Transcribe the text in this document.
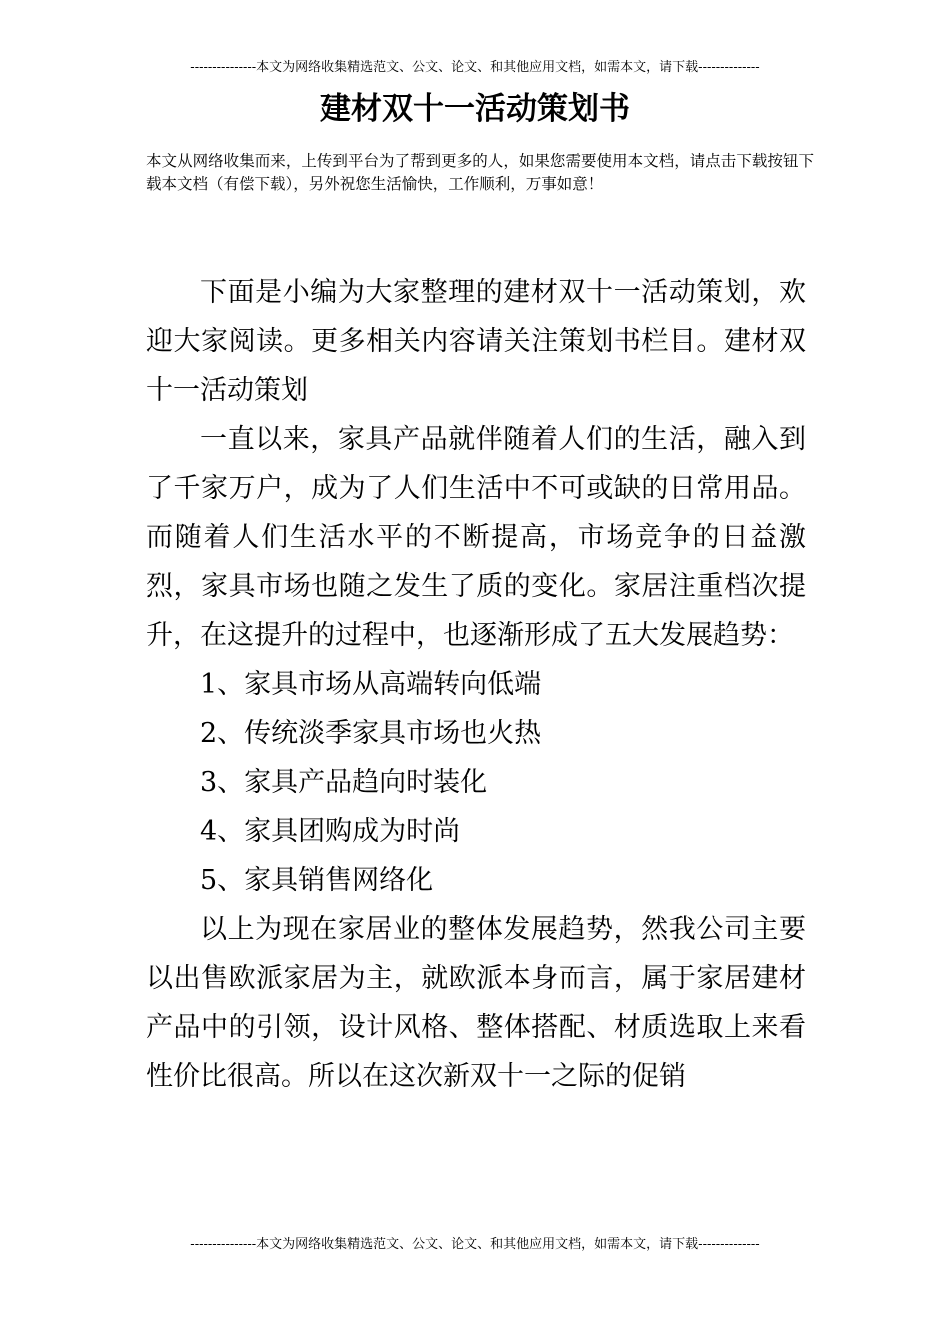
---------------本文为网络收集精选范文、公文、论文、和其他应用文档，如需本文，请下载--------------
建材双十一活动策划书
本文从网络收集而来，上传到平台为了帮到更多的人，如果您需要使用本文档，请点击下载按钮下载本文档（有偿下载），另外祝您生活愉快，工作顺利，万事如意！

下面是小编为大家整理的建材双十一活动策划，欢迎大家阅读。更多相关内容请关注策划书栏目。建材双十一活动策划

一直以来，家具产品就伴随着人们的生活，融入到了千家万户，成为了人们生活中不可或缺的日常用品。而随着人们生活水平的不断提高，市场竞争的日益激烈，家具市场也随之发生了质的变化。家居注重档次提升，在这提升的过程中，也逐渐形成了五大发展趋势：

1、家具市场从高端转向低端

2、传统淡季家具市场也火热

3、家具产品趋向时装化

4、家具团购成为时尚

5、家具销售网络化

以上为现在家居业的整体发展趋势，然我公司主要以出售欧派家居为主，就欧派本身而言，属于家居建材产品中的引领，设计风格、整体搭配、材质选取上来看性价比很高。所以在这次新双十一之际的促销

---------------本文为网络收集精选范文、公文、论文、和其他应用文档，如需本文，请下载--------------
